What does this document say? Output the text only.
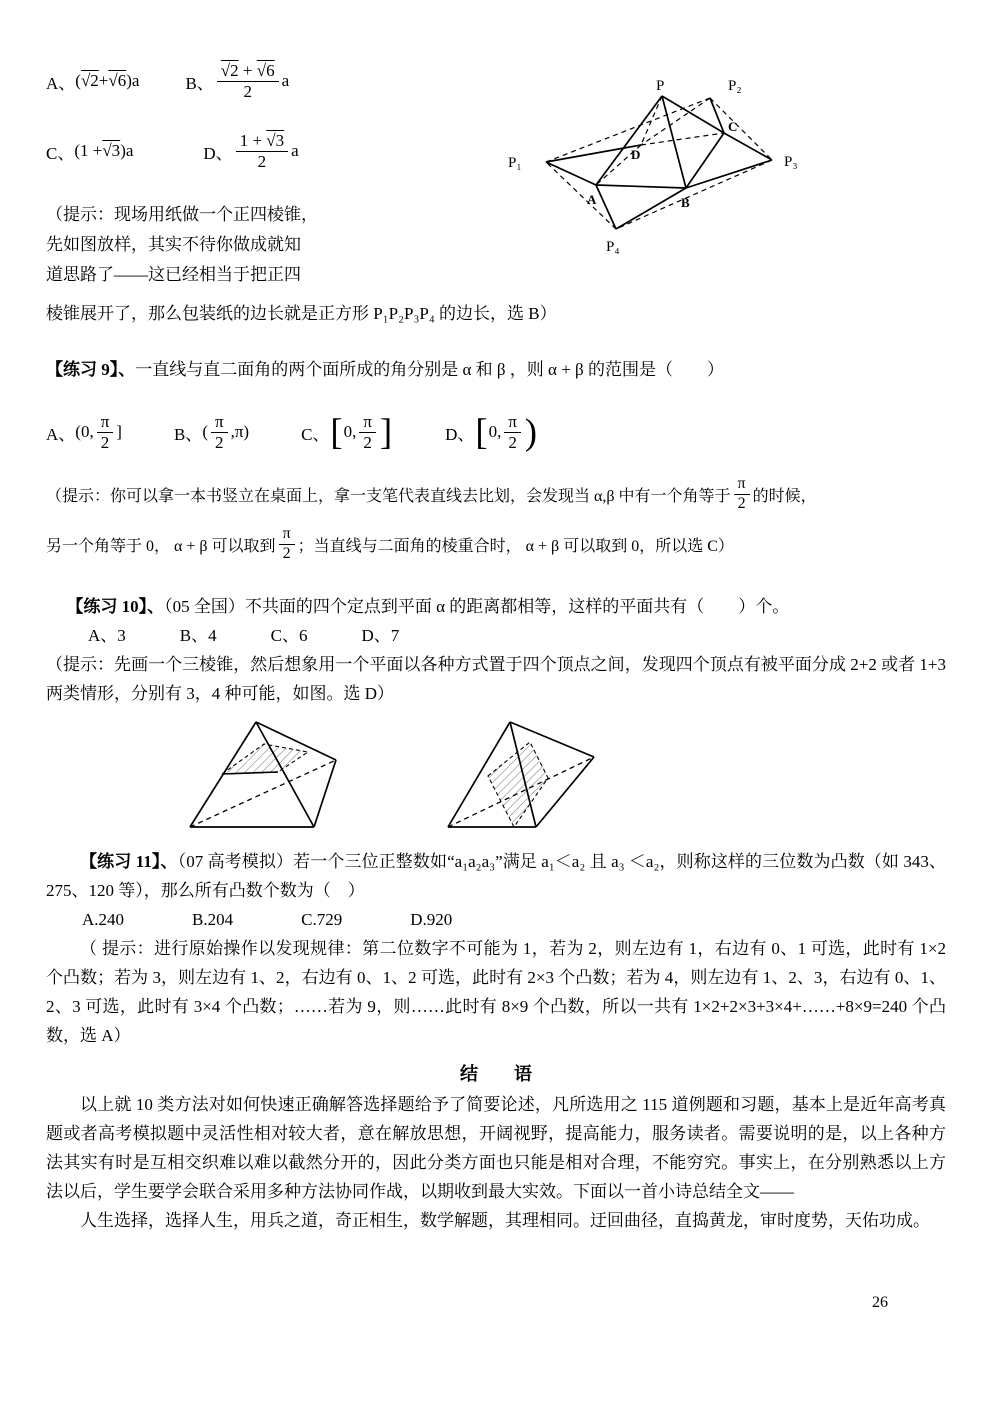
A、 ( √2 + √6 )a	B、 $\frac{√2 + √6}{2}$ a
C、 (1 + √3 )a	D、 $\frac{1 + √3}{2}$ a

（提示：现场用纸做一个正四棱锥，

先如图放样，其实不待你做成就知

道思路了——这已经相当于把正四

P
P₁
P₂
P₃
P₄
A	B
C
D

棱锥展开了，那么包装纸的边长就是正方形 P₁P₂P₃P₄ 的边长，选 B）

【练习 9】、一直线与直二面角的两个面所成的角分别是 α 和 β ，则 α + β 的范围是（　　）

A、 (0, $\frac{\pi}{2}$ ]	B、 ( $\frac{\pi}{2} ,\pi$)	C、 [ 0, $\frac{\pi}{2}$ ]	D、 [ 0, $\frac{\pi}{2}$ )
（提示：你可以拿一本书竖立在桌面上，拿一支笔代表直线去比划，会发现当 α,β 中有一个角等于 $\frac{\pi}{2}$ 的时候，
另一个角等于 0， α + β 可以取到 $\frac{\pi}{2}$ ；当直线与二面角的棱重合时， α + β 可以取到 0，所以选 C）

【练习 10】、（05 全国）不共面的四个定点到平面 α 的距离都相等，这样的平面共有（　　）个。

A、3	B、4	C、6	D、7

（提示：先画一个三棱锥，然后想象用一个平面以各种方式置于四个顶点之间，发现四个顶点有被平面分成 2+2 或者 1+3 两类情形，分别有 3，4 种可能，如图。选 D）

【练习 11】、（07 高考模拟）若一个三位正整数如“a₁a₂a₃”满足 a₁＜a₂ 且 a₃ ＜a₂，则称这样的三位数为凸数（如 343、275、120 等），那么所有凸数个数为（　）

A.240	B.204	C.729	D.920

（ 提示：进行原始操作以发现规律：第二位数字不可能为 1，若为 2，则左边有 1，右边有 0、1 可选，此时有 1×2 个凸数；若为 3，则左边有 1、2，右边有 0、1、2 可选，此时有 2×3 个凸数；若为 4，则左边有 1、2、3，右边有 0、1、2、3 可选，此时有 3×4 个凸数；……若为 9，则……此时有 8×9 个凸数，所以一共有 1×2+2×3+3×4+……+8×9=240 个凸数，选 A）

结　　语

以上就 10 类方法对如何快速正确解答选择题给予了简要论述，凡所选用之 115 道例题和习题，基本上是近年高考真题或者高考模拟题中灵活性相对较大者，意在解放思想，开阔视野，提高能力，服务读者。需要说明的是，以上各种方法其实有时是互相交织难以难以截然分开的，因此分类方面也只能是相对合理，不能穷究。事实上，在分别熟悉以上方法以后，学生要学会联合采用多种方法协同作战，以期收到最大实效。下面以一首小诗总结全文——

人生选择，选择人生，用兵之道，奇正相生，数学解题，其理相同。迂回曲径，直捣黄龙，审时度势，天佑功成。

26
